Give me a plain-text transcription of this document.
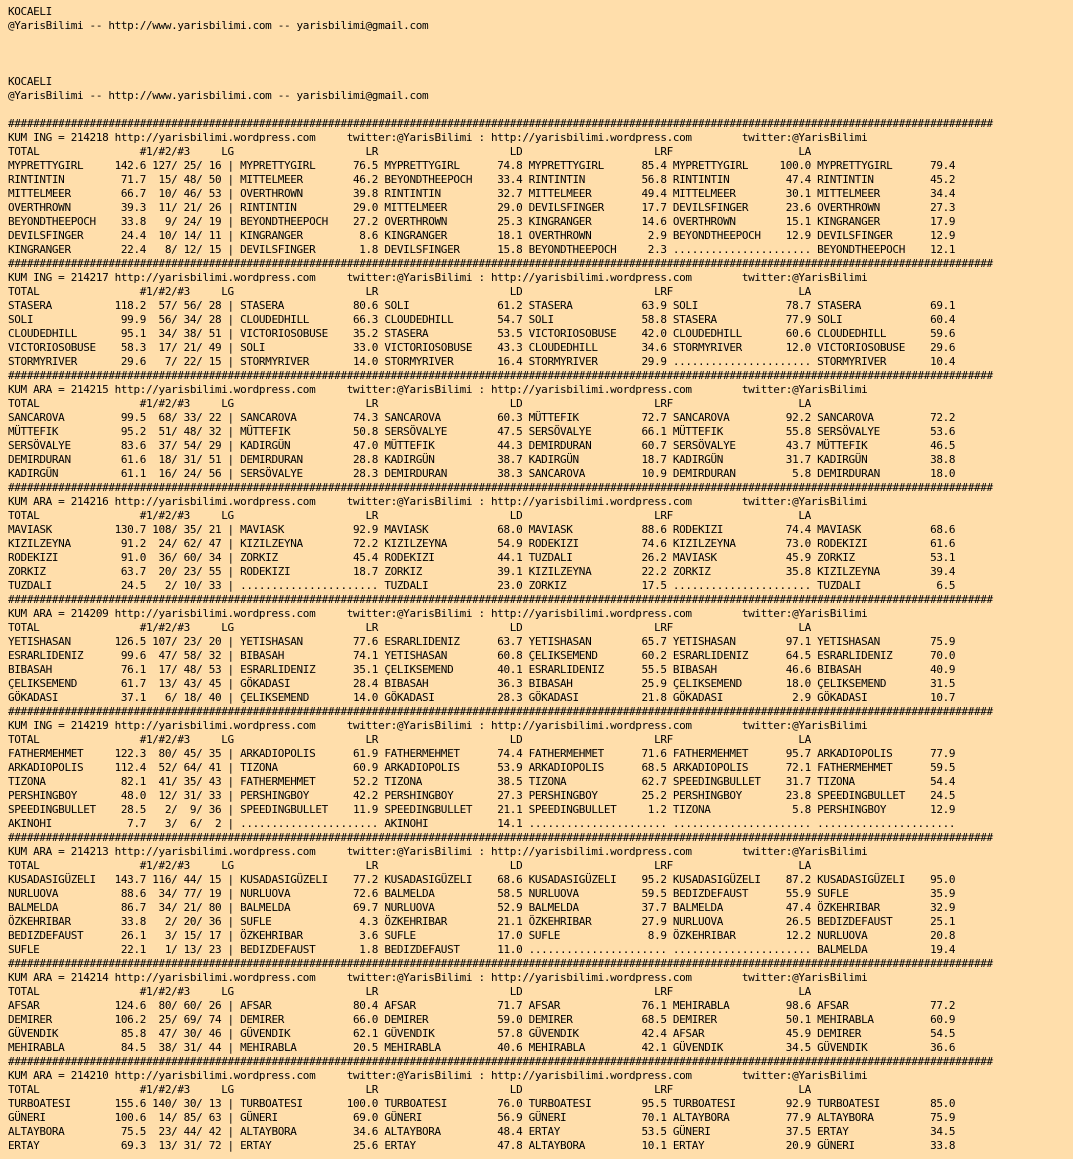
KOCAELI
@YarisBilimi -- http://www.yarisbilimi.com -- yarisbilimi@gmail.com
KOCAELI
@YarisBilimi -- http://www.yarisbilimi.com -- yarisbilimi@gmail.com
#############################################################################################################################################################
KUM ING = 214218 http://yarisbilimi.wordpress.com     twitter:@YarisBilimi : http://yarisbilimi.wordpress.com        twitter:@YarisBilimi
TOTAL                #1/#2/#3     LG                     LR                     LD                     LRF                    LA
MYPRETTYGIRL     142.6 127/ 25/ 16 | MYPRETTYGIRL      76.5 MYPRETTYGIRL      74.8 MYPRETTYGIRL      85.4 MYPRETTYGIRL     100.0 MYPRETTYGIRL      79.4
RINTINTIN         71.7  15/ 48/ 50 | MITTELMEER        46.2 BEYONDTHEEPOCH    33.4 RINTINTIN         56.8 RINTINTIN         47.4 RINTINTIN         45.2
MITTELMEER        66.7  10/ 46/ 53 | OVERTHROWN        39.8 RINTINTIN         32.7 MITTELMEER        49.4 MITTELMEER        30.1 MITTELMEER        34.4
OVERTHROWN        39.3  11/ 21/ 26 | RINTINTIN         29.0 MITTELMEER        29.0 DEVILSFINGER      17.7 DEVILSFINGER      23.6 OVERTHROWN        27.3
BEYONDTHEEPOCH    33.8   9/ 24/ 19 | BEYONDTHEEPOCH    27.2 OVERTHROWN        25.3 KINGRANGER        14.6 OVERTHROWN        15.1 KINGRANGER        17.9
DEVILSFINGER      24.4  10/ 14/ 11 | KINGRANGER         8.6 KINGRANGER        18.1 OVERTHROWN         2.9 BEYONDTHEEPOCH    12.9 DEVILSFINGER      12.9
KINGRANGER        22.4   8/ 12/ 15 | DEVILSFINGER       1.8 DEVILSFINGER      15.8 BEYONDTHEEPOCH     2.3 ...................... BEYONDTHEEPOCH    12.1
#############################################################################################################################################################
KUM ING = 214217 http://yarisbilimi.wordpress.com     twitter:@YarisBilimi : http://yarisbilimi.wordpress.com        twitter:@YarisBilimi
TOTAL                #1/#2/#3     LG                     LR                     LD                     LRF                    LA
STASERA          118.2  57/ 56/ 28 | STASERA           80.6 SOLI              61.2 STASERA           63.9 SOLI              78.7 STASERA           69.1
SOLI              99.9  56/ 34/ 28 | CLOUDEDHILL       66.3 CLOUDEDHILL       54.7 SOLI              58.8 STASERA           77.9 SOLI              60.4
CLOUDEDHILL       95.1  34/ 38/ 51 | VICTORIOSOBUSE    35.2 STASERA           53.5 VICTORIOSOBUSE    42.0 CLOUDEDHILL       60.6 CLOUDEDHILL       59.6
VICTORIOSOBUSE    58.3  17/ 21/ 49 | SOLI              33.0 VICTORIOSOBUSE    43.3 CLOUDEDHILL       34.6 STORMYRIVER       12.0 VICTORIOSOBUSE    29.6
STORMYRIVER       29.6   7/ 22/ 15 | STORMYRIVER       14.0 STORMYRIVER       16.4 STORMYRIVER       29.9 ...................... STORMYRIVER       10.4
#############################################################################################################################################################
KUM ARA = 214215 http://yarisbilimi.wordpress.com     twitter:@YarisBilimi : http://yarisbilimi.wordpress.com        twitter:@YarisBilimi
TOTAL                #1/#2/#3     LG                     LR                     LD                     LRF                    LA
SANCAROVA         99.5  68/ 33/ 22 | SANCAROVA         74.3 SANCAROVA         60.3 MÜTTEFIK          72.7 SANCAROVA         92.2 SANCAROVA         72.2
MÜTTEFIK          95.2  51/ 48/ 32 | MÜTTEFIK          50.8 SERSÖVALYE        47.5 SERSÖVALYE        66.1 MÜTTEFIK          55.8 SERSÖVALYE        53.6
SERSÖVALYE        83.6  37/ 54/ 29 | KADIRGÜN          47.0 MÜTTEFIK          44.3 DEMIRDURAN        60.7 SERSÖVALYE        43.7 MÜTTEFIK          46.5
DEMIRDURAN        61.6  18/ 31/ 51 | DEMIRDURAN        28.8 KADIRGÜN          38.7 KADIRGÜN          18.7 KADIRGÜN          31.7 KADIRGÜN          38.8
KADIRGÜN          61.1  16/ 24/ 56 | SERSÖVALYE        28.3 DEMIRDURAN        38.3 SANCAROVA         10.9 DEMIRDURAN         5.8 DEMIRDURAN        18.0
#############################################################################################################################################################
KUM ARA = 214216 http://yarisbilimi.wordpress.com     twitter:@YarisBilimi : http://yarisbilimi.wordpress.com        twitter:@YarisBilimi
TOTAL                #1/#2/#3     LG                     LR                     LD                     LRF                    LA
MAVIASK          130.7 108/ 35/ 21 | MAVIASK           92.9 MAVIASK           68.0 MAVIASK           88.6 RODEKIZI          74.4 MAVIASK           68.6
KIZILZEYNA        91.2  24/ 62/ 47 | KIZILZEYNA        72.2 KIZILZEYNA        54.9 RODEKIZI          74.6 KIZILZEYNA        73.0 RODEKIZI          61.6
RODEKIZI          91.0  36/ 60/ 34 | ZORKIZ            45.4 RODEKIZI          44.1 TUZDALI           26.2 MAVIASK           45.9 ZORKIZ            53.1
ZORKIZ            63.7  20/ 23/ 55 | RODEKIZI          18.7 ZORKIZ            39.1 KIZILZEYNA        22.2 ZORKIZ            35.8 KIZILZEYNA        39.4
TUZDALI           24.5   2/ 10/ 33 | ...................... TUZDALI           23.0 ZORKIZ            17.5 ...................... TUZDALI            6.5
#############################################################################################################################################################
KUM ARA = 214209 http://yarisbilimi.wordpress.com     twitter:@YarisBilimi : http://yarisbilimi.wordpress.com        twitter:@YarisBilimi
TOTAL                #1/#2/#3     LG                     LR                     LD                     LRF                    LA
YETISHASAN       126.5 107/ 23/ 20 | YETISHASAN        77.6 ESRARLIDENIZ      63.7 YETISHASAN        65.7 YETISHASAN        97.1 YETISHASAN        75.9
ESRARLIDENIZ      99.6  47/ 58/ 32 | BIBASAH           74.1 YETISHASAN        60.8 ÇELIKSEMEND       60.2 ESRARLIDENIZ      64.5 ESRARLIDENIZ      70.0
BIBASAH           76.1  17/ 48/ 53 | ESRARLIDENIZ      35.1 ÇELIKSEMEND       40.1 ESRARLIDENIZ      55.5 BIBASAH           46.6 BIBASAH           40.9
ÇELIKSEMEND       61.7  13/ 43/ 45 | GÖKADASI          28.4 BIBASAH           36.3 BIBASAH           25.9 ÇELIKSEMEND       18.0 ÇELIKSEMEND       31.5
GÖKADASI          37.1   6/ 18/ 40 | ÇELIKSEMEND       14.0 GÖKADASI          28.3 GÖKADASI          21.8 GÖKADASI           2.9 GÖKADASI          10.7
#############################################################################################################################################################
KUM ING = 214219 http://yarisbilimi.wordpress.com     twitter:@YarisBilimi : http://yarisbilimi.wordpress.com        twitter:@YarisBilimi
TOTAL                #1/#2/#3     LG                     LR                     LD                     LRF                    LA
FATHERMEHMET     122.3  80/ 45/ 35 | ARKADIOPOLIS      61.9 FATHERMEHMET      74.4 FATHERMEHMET      71.6 FATHERMEHMET      95.7 ARKADIOPOLIS      77.9
ARKADIOPOLIS     112.4  52/ 64/ 41 | TIZONA            60.9 ARKADIOPOLIS      53.9 ARKADIOPOLIS      68.5 ARKADIOPOLIS      72.1 FATHERMEHMET      59.5
TIZONA            82.1  41/ 35/ 43 | FATHERMEHMET      52.2 TIZONA            38.5 TIZONA            62.7 SPEEDINGBULLET    31.7 TIZONA            54.4
PERSHINGBOY       48.0  12/ 31/ 33 | PERSHINGBOY       42.2 PERSHINGBOY       27.3 PERSHINGBOY       25.2 PERSHINGBOY       23.8 SPEEDINGBULLET    24.5
SPEEDINGBULLET    28.5   2/  9/ 36 | SPEEDINGBULLET    11.9 SPEEDINGBULLET    21.1 SPEEDINGBULLET     1.2 TIZONA             5.8 PERSHINGBOY       12.9
AKINOHI            7.7   3/  6/  2 | ...................... AKINOHI           14.1 ...................... ...................... ......................
#############################################################################################################################################################
KUM ARA = 214213 http://yarisbilimi.wordpress.com     twitter:@YarisBilimi : http://yarisbilimi.wordpress.com        twitter:@YarisBilimi
TOTAL                #1/#2/#3     LG                     LR                     LD                     LRF                    LA
KUSADASIGÜZELI   143.7 116/ 44/ 15 | KUSADASIGÜZELI    77.2 KUSADASIGÜZELI    68.6 KUSADASIGÜZELI    95.2 KUSADASIGÜZELI    87.2 KUSADASIGÜZELI    95.0
NURLUOVA          88.6  34/ 77/ 19 | NURLUOVA          72.6 BALMELDA          58.5 NURLUOVA          59.5 BEDIZDEFAUST      55.9 SUFLE             35.9
BALMELDA          86.7  34/ 21/ 80 | BALMELDA          69.7 NURLUOVA          52.9 BALMELDA          37.7 BALMELDA          47.4 ÖZKEHRIBAR        32.9
ÖZKEHRIBAR        33.8   2/ 20/ 36 | SUFLE              4.3 ÖZKEHRIBAR        21.1 ÖZKEHRIBAR        27.9 NURLUOVA          26.5 BEDIZDEFAUST      25.1
BEDIZDEFAUST      26.1   3/ 15/ 17 | ÖZKEHRIBAR         3.6 SUFLE             17.0 SUFLE              8.9 ÖZKEHRIBAR        12.2 NURLUOVA          20.8
SUFLE             22.1   1/ 13/ 23 | BEDIZDEFAUST       1.8 BEDIZDEFAUST      11.0 ...................... ...................... BALMELDA          19.4
#############################################################################################################################################################
KUM ARA = 214214 http://yarisbilimi.wordpress.com     twitter:@YarisBilimi : http://yarisbilimi.wordpress.com        twitter:@YarisBilimi
TOTAL                #1/#2/#3     LG                     LR                     LD                     LRF                    LA
AFSAR            124.6  80/ 60/ 26 | AFSAR             80.4 AFSAR             71.7 AFSAR             76.1 MEHIRABLA         98.6 AFSAR             77.2
DEMIRER          106.2  25/ 69/ 74 | DEMIRER           66.0 DEMIRER           59.0 DEMIRER           68.5 DEMIRER           50.1 MEHIRABLA         60.9
GÜVENDIK          85.8  47/ 30/ 46 | GÜVENDIK          62.1 GÜVENDIK          57.8 GÜVENDIK          42.4 AFSAR             45.9 DEMIRER           54.5
MEHIRABLA         84.5  38/ 31/ 44 | MEHIRABLA         20.5 MEHIRABLA         40.6 MEHIRABLA         42.1 GÜVENDIK          34.5 GÜVENDIK          36.6
#############################################################################################################################################################
KUM ARA = 214210 http://yarisbilimi.wordpress.com     twitter:@YarisBilimi : http://yarisbilimi.wordpress.com        twitter:@YarisBilimi
TOTAL                #1/#2/#3     LG                     LR                     LD                     LRF                    LA
TURBOATESI       155.6 140/ 30/ 13 | TURBOATESI       100.0 TURBOATESI        76.0 TURBOATESI        95.5 TURBOATESI        92.9 TURBOATESI        85.0
GÜNERI           100.6  14/ 85/ 63 | GÜNERI            69.0 GÜNERI            56.9 GÜNERI            70.1 ALTAYBORA         77.9 ALTAYBORA         75.9
ALTAYBORA         75.5  23/ 44/ 42 | ALTAYBORA         34.6 ALTAYBORA         48.4 ERTAY             53.5 GÜNERI            37.5 ERTAY             34.5
ERTAY             69.3  13/ 31/ 72 | ERTAY             25.6 ERTAY             47.8 ALTAYBORA         10.1 ERTAY             20.9 GÜNERI            33.8
